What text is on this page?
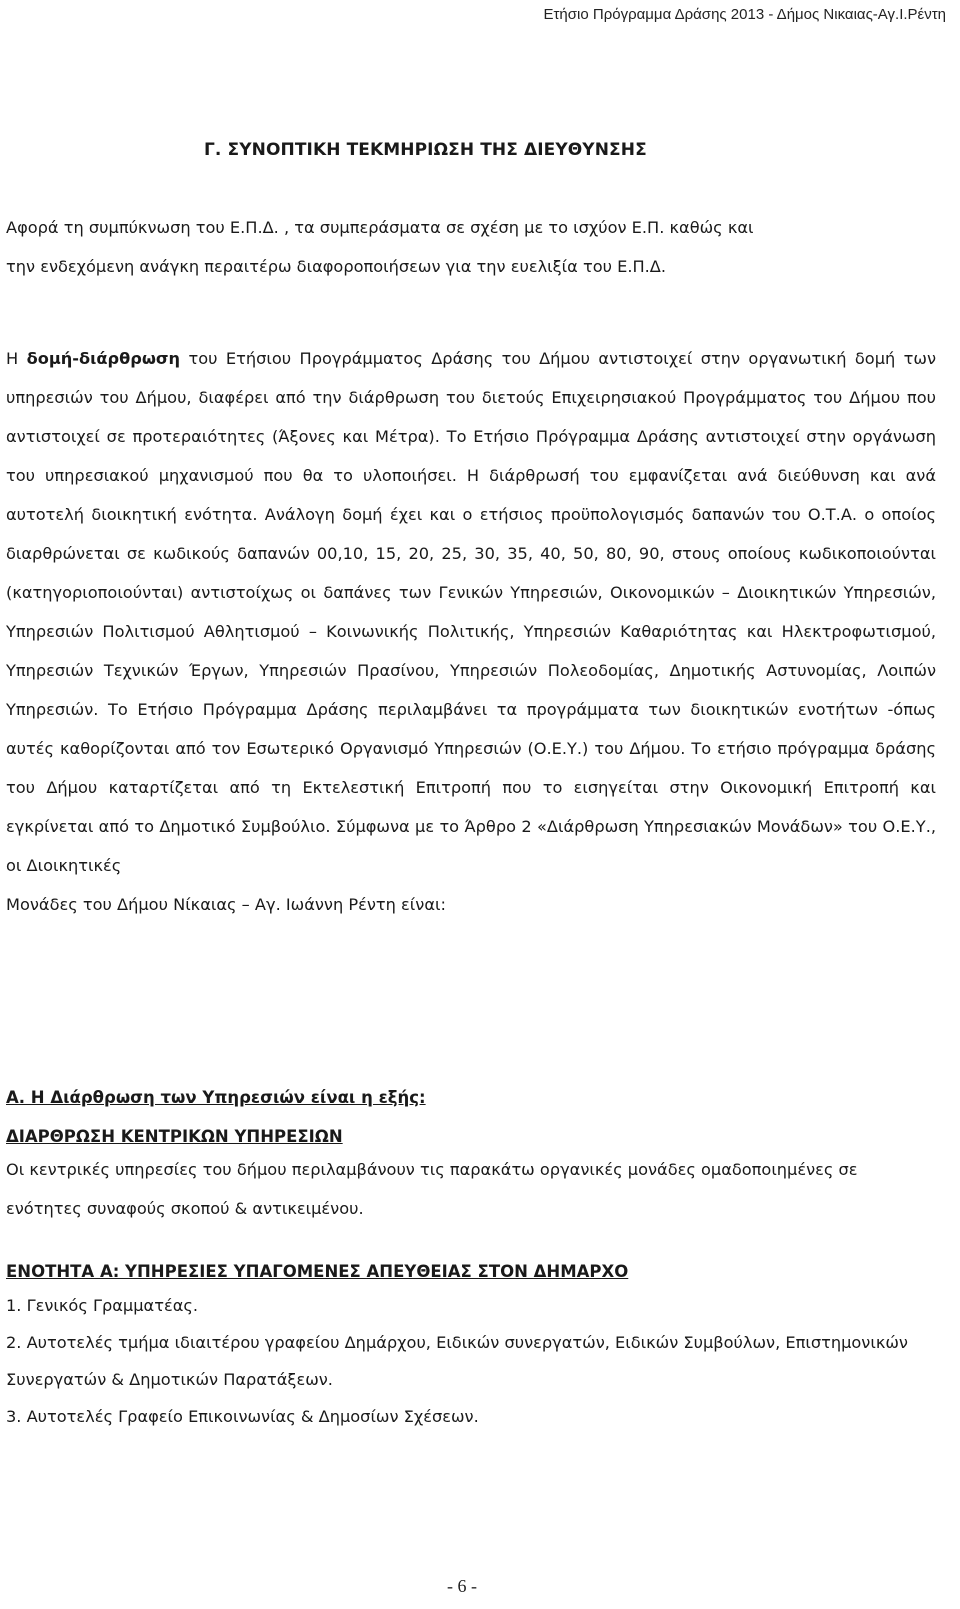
Ετήσιο Πρόγραμμα Δράσης 2013 - Δήμος Νικαιας-Αγ.Ι.Ρέντη
Γ. ΣΥΝΟΠΤΙΚΗ ΤΕΚΜΗΡΙΩΣΗ ΤΗΣ ΔΙΕΥΘΥΝΣΗΣ
Αφορά τη συμπύκνωση του Ε.Π.Δ. , τα συμπεράσματα σε σχέση με το ισχύον Ε.Π. καθώς και
την ενδεχόμενη ανάγκη περαιτέρω διαφοροποιήσεων για την ευελιξία του Ε.Π.Δ.
Η δομή-διάρθρωση του Ετήσιου Προγράμματος Δράσης του Δήμου αντιστοιχεί στην οργανωτική δομή των υπηρεσιών του Δήμου, διαφέρει από την διάρθρωση του διετούς Επιχειρησιακού Προγράμματος του Δήμου που αντιστοιχεί σε προτεραιότητες (Άξονες και Μέτρα). Το Ετήσιο Πρόγραμμα Δράσης αντιστοιχεί στην οργάνωση του υπηρεσιακού μηχανισμού που θα το υλοποιήσει. Η διάρθρωσή του εμφανίζεται ανά διεύθυνση και ανά αυτοτελή διοικητική ενότητα. Ανάλογη δομή έχει και ο ετήσιος προϋπολογισμός δαπανών του Ο.Τ.Α. ο οποίος διαρθρώνεται σε κωδικούς δαπανών 00,10, 15, 20, 25, 30, 35, 40, 50, 80, 90, στους οποίους κωδικοποιούνται (κατηγοριοποιούνται) αντιστοίχως οι δαπάνες των Γενικών Υπηρεσιών, Οικονομικών – Διοικητικών Υπηρεσιών, Υπηρεσιών Πολιτισμού Αθλητισμού – Κοινωνικής Πολιτικής, Υπηρεσιών Καθαριότητας και Ηλεκτροφωτισμού, Υπηρεσιών Τεχνικών Έργων, Υπηρεσιών Πρασίνου, Υπηρεσιών Πολεοδομίας, Δημοτικής Αστυνομίας, Λοιπών Υπηρεσιών. Το Ετήσιο Πρόγραμμα Δράσης περιλαμβάνει τα προγράμματα των διοικητικών ενοτήτων -όπως αυτές καθορίζονται από τον Εσωτερικό Οργανισμό Υπηρεσιών (Ο.Ε.Υ.) του Δήμου. Το ετήσιο πρόγραμμα δράσης του Δήμου καταρτίζεται από τη Εκτελεστική Επιτροπή που το εισηγείται στην Οικονομική Επιτροπή και εγκρίνεται από το Δημοτικό Συμβούλιο. Σύμφωνα με το Άρθρο 2 «Διάρθρωση Υπηρεσιακών Μονάδων» του Ο.Ε.Υ., οι Διοικητικές
Μονάδες του Δήμου Νίκαιας – Αγ. Ιωάννη Ρέντη είναι:
Α. Η Διάρθρωση των Υπηρεσιών είναι η εξής:
ΔΙΑΡΘΡΩΣΗ ΚΕΝΤΡΙΚΩΝ ΥΠΗΡΕΣΙΩΝ
Οι κεντρικές υπηρεσίες του δήμου περιλαμβάνουν τις παρακάτω οργανικές μονάδες ομαδοποιημένες σε ενότητες συναφούς σκοπού & αντικειμένου.
ΕΝΟΤΗΤΑ Α: ΥΠΗΡΕΣΙΕΣ ΥΠΑΓΟΜΕΝΕΣ ΑΠΕΥΘΕΙΑΣ ΣΤΟΝ ΔΗΜΑΡΧΟ
1. Γενικός Γραμματέας.
2. Αυτοτελές τμήμα ιδιαιτέρου γραφείου Δημάρχου, Ειδικών συνεργατών, Ειδικών Συμβούλων, Επιστημονικών Συνεργατών & Δημοτικών Παρατάξεων.
3. Αυτοτελές Γραφείο Επικοινωνίας & Δημοσίων Σχέσεων.
- 6 -
